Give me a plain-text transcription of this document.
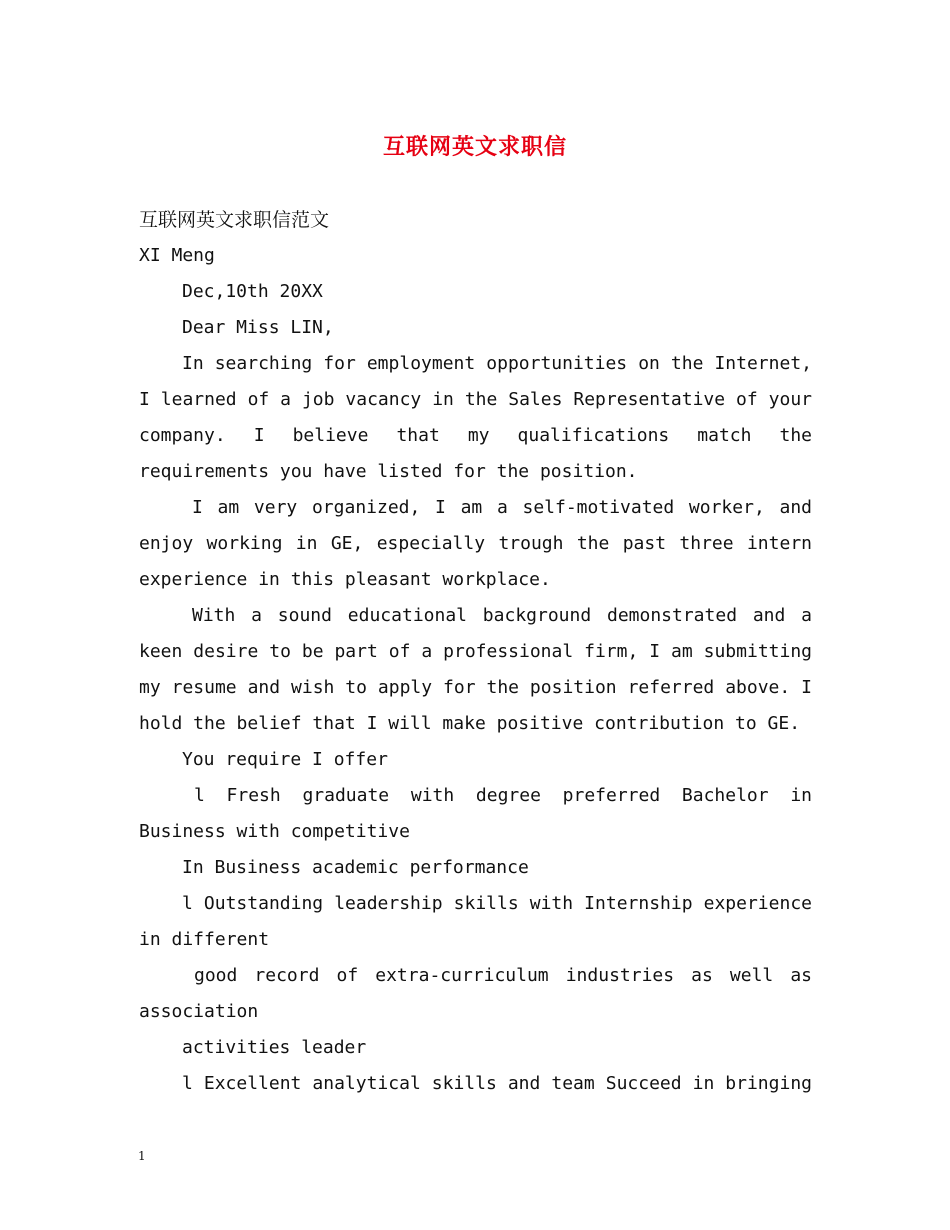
互联网英文求职信
互联网英文求职信范文
XI Meng
Dec,10th 20XX
Dear Miss LIN,
In searching for employment opportunities on the Internet,
I learned of a job vacancy in the Sales Representative of your
company. I believe that my qualifications match the
requirements you have listed for the position.
I am very organized, I am a self-motivated worker, and
enjoy working in GE, especially trough the past three intern
experience in this pleasant workplace.
With a sound educational background demonstrated and a
keen desire to be part of a professional firm, I am submitting
my resume and wish to apply for the position referred above. I
hold the belief that I will make positive contribution to GE.
You require I offer
l Fresh graduate with degree preferred Bachelor in
Business with competitive
In Business academic performance
l Outstanding leadership skills with Internship experience
in different
good record of extra-curriculum industries as well as
association
activities leader
l Excellent analytical skills and team Succeed in bringing
1
